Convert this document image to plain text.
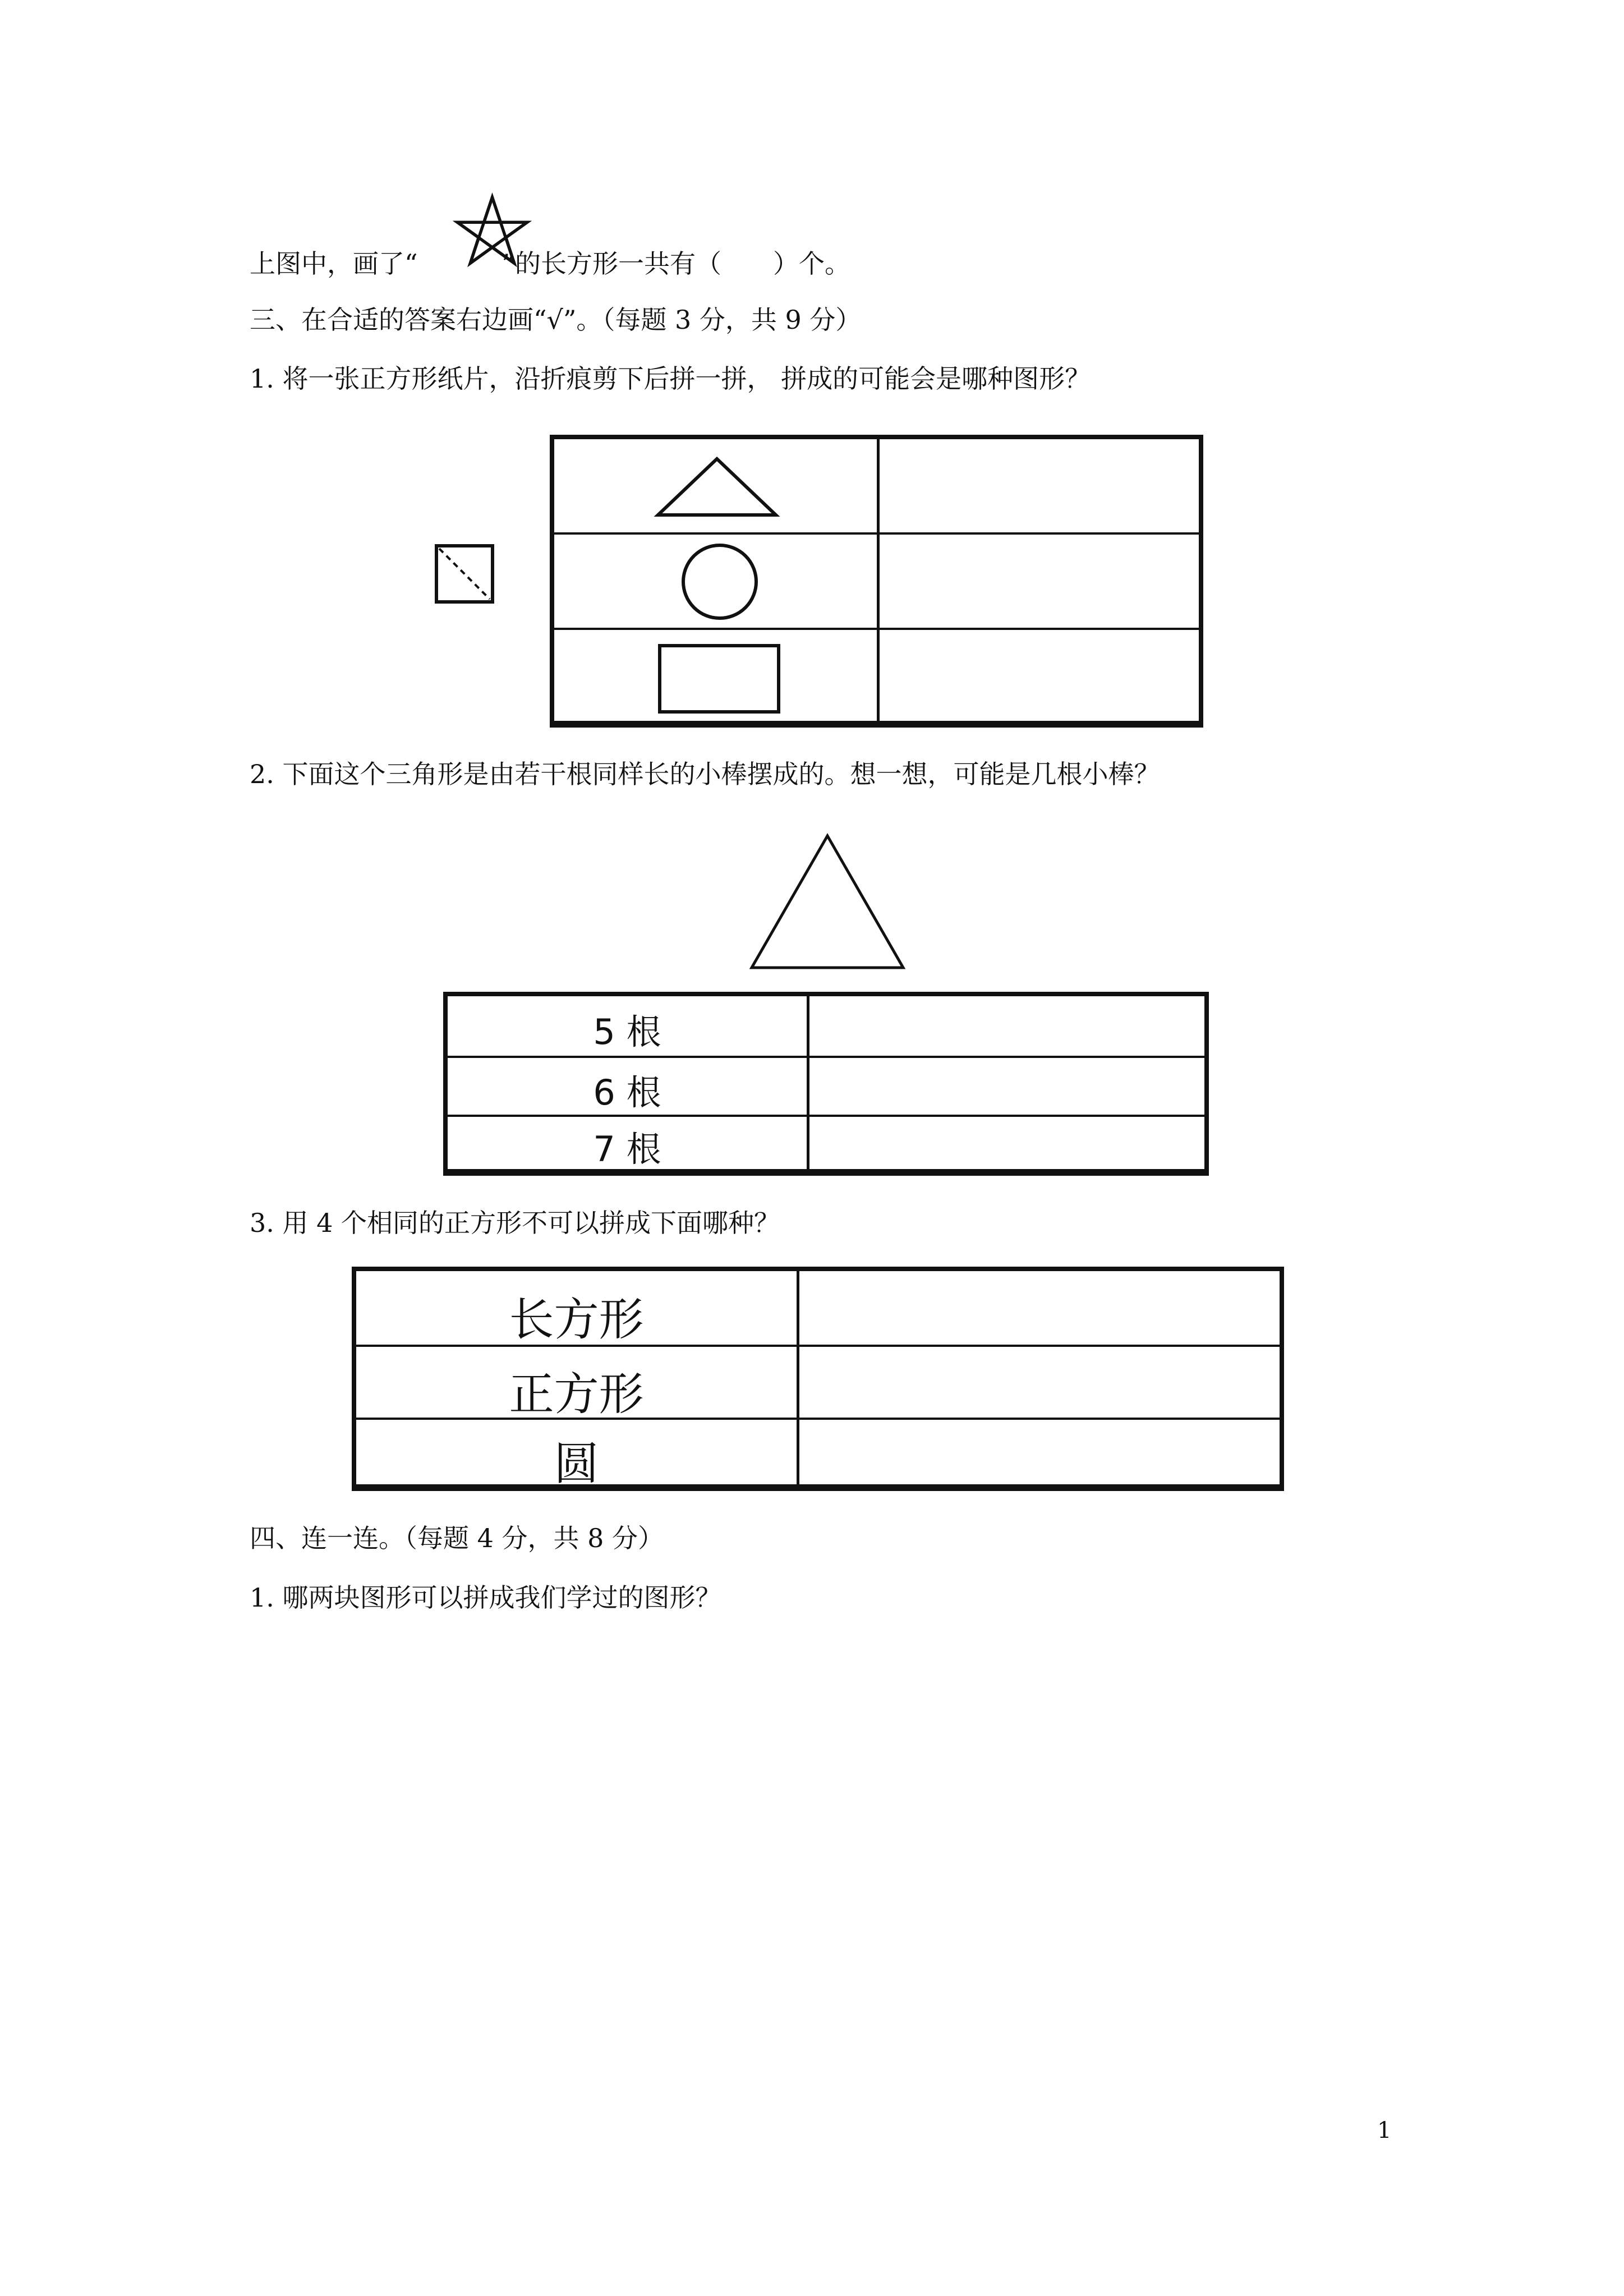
上图中，画了“	”的长方形一共有（　　）个。
三、在合适的答案右边画“√”。（每题 3 分，共 9 分）
1. 将一张正方形纸片，沿折痕剪下后拼一拼， 拼成的可能会是哪种图形？
2. 下面这个三角形是由若干根同样长的小棒摆成的。想一想，可能是几根小棒？
5 根
6 根
7 根
3. 用 4 个相同的正方形不可以拼成下面哪种？
长方形
正方形
圆
四、连一连。（每题 4 分，共 8 分）
1. 哪两块图形可以拼成我们学过的图形？
1
